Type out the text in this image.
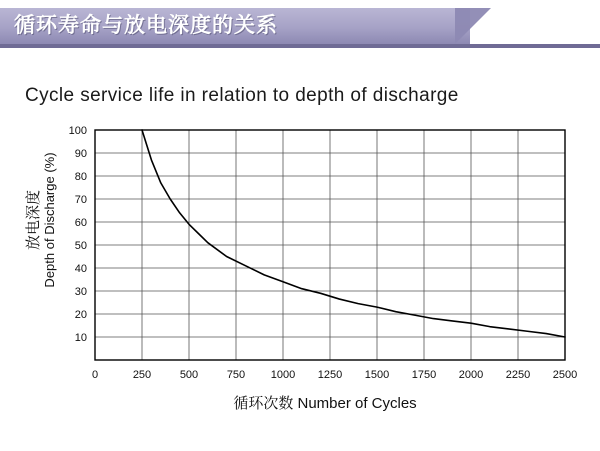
循环寿命与放电深度的关系
Cycle service life in relation to depth of discharge
放电深度 Depth of Discharge (%)
循环次数 Number of Cycles
10
20
30
40
50
60
70
80
90
100
0	250	500	750 1000 1250 1500 1750 2000 2250 2500
